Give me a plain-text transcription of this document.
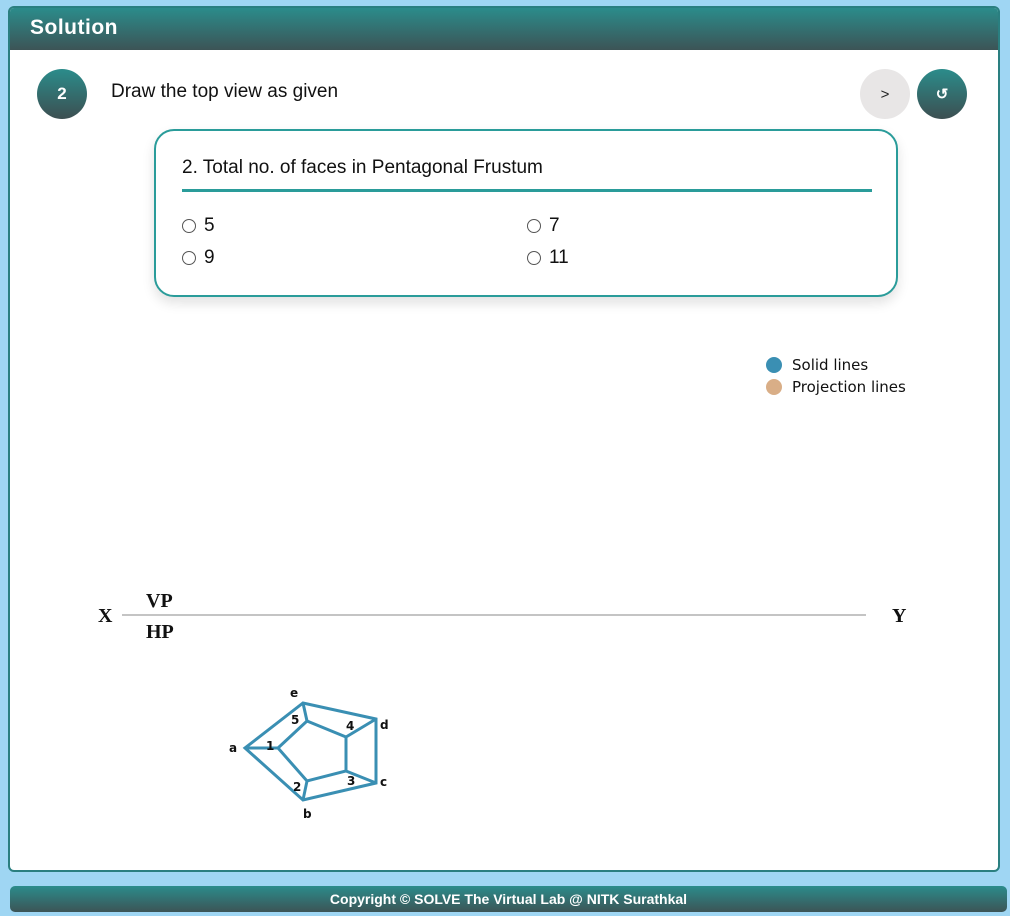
Solution
2	Draw the top view as given	>	↺
2. Total no. of faces in Pentagonal Frustum
5	7
9	11
Solid lines
Projection lines
X	Y
VP
HP
a
b
c
d
e
1
2	3
4
5
Copyright © SOLVE The Virtual Lab @ NITK Surathkal
